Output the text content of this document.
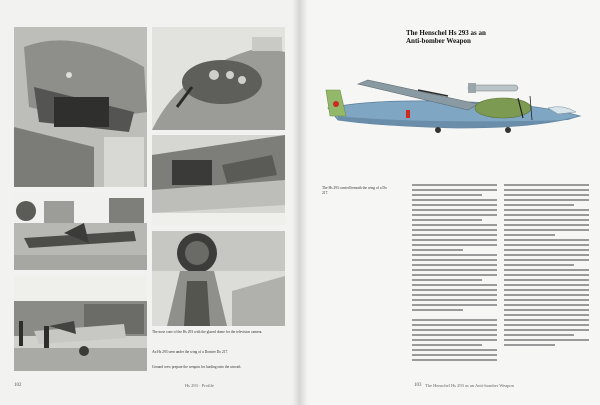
The nose cone of the Hs 293 with the glazed dome for the television camera.
An Hs 293 seen under the wing of a Dornier Do 217.
Ground crew prepare the weapon for loading onto the aircraft.
102	Hs 293 · Profile	The Henschel Hs 293 as an Anti-bomber Weapon
103
The Henschel Hs 293 as an
Anti-bomber Weapon
The Hs 293 carried beneath the wing of a Do 217.
